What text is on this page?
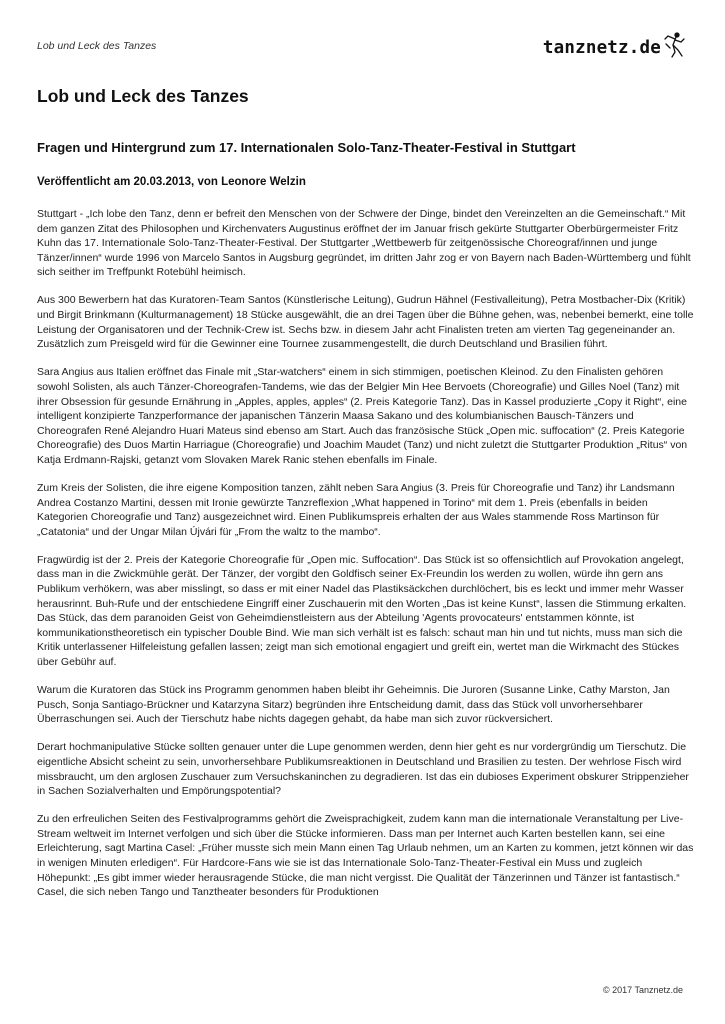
Lob und Leck des Tanzes	tanznetz.de
Lob und Leck des Tanzes
Fragen und Hintergrund zum 17. Internationalen Solo-Tanz-Theater-Festival in Stuttgart

Veröffentlicht am 20.03.2013, von Leonore Welzin

Stuttgart - „Ich lobe den Tanz, denn er befreit den Menschen von der Schwere der Dinge, bindet den Vereinzelten an die Gemeinschaft.“ Mit dem ganzen Zitat des Philosophen und Kirchenvaters Augustinus eröffnet der im Januar frisch gekürte Stuttgarter Oberbürgermeister Fritz Kuhn das 17. Internationale Solo-Tanz-Theater-Festival. Der Stuttgarter „Wettbewerb für zeitgenössische Choreograf/innen und junge Tänzer/innen“ wurde 1996 von Marcelo Santos in Augsburg gegründet, im dritten Jahr zog er von Bayern nach Baden-Württemberg und fühlt sich seither im Treffpunkt Rotebühl heimisch.

Aus 300 Bewerbern hat das Kuratoren-Team Santos (Künstlerische Leitung), Gudrun Hähnel (Festivalleitung), Petra Mostbacher-Dix (Kritik) und Birgit Brinkmann (Kulturmanagement) 18 Stücke ausgewählt, die an drei Tagen über die Bühne gehen, was, nebenbei bemerkt, eine tolle Leistung der Organisatoren und der Technik-Crew ist. Sechs bzw. in diesem Jahr acht Finalisten treten am vierten Tag gegeneinander an. Zusätzlich zum Preisgeld wird für die Gewinner eine Tournee zusammengestellt, die durch Deutschland und Brasilien führt.

Sara Angius aus Italien eröffnet das Finale mit „Star-watchers“ einem in sich stimmigen, poetischen Kleinod. Zu den Finalisten gehören sowohl Solisten, als auch Tänzer-Choreografen-Tandems, wie das der Belgier Min Hee Bervoets (Choreografie) und Gilles Noel (Tanz) mit ihrer Obsession für gesunde Ernährung in „Apples, apples, apples“ (2. Preis Kategorie Tanz). Das in Kassel produzierte „Copy it Right“, eine intelligent konzipierte Tanzperformance der japanischen Tänzerin Maasa Sakano und des kolumbianischen Bausch-Tänzers und Choreografen René Alejandro Huari Mateus sind ebenso am Start. Auch das französische Stück „Open mic. suffocation“ (2. Preis Kategorie Choreografie) des Duos Martin Harriague (Choreografie) und Joachim Maudet (Tanz) und nicht zuletzt die Stuttgarter Produktion „Ritus“ von Katja Erdmann-Rajski, getanzt vom Slovaken Marek Ranic stehen ebenfalls im Finale.

Zum Kreis der Solisten, die ihre eigene Komposition tanzen, zählt neben Sara Angius (3. Preis für Choreografie und Tanz) ihr Landsmann Andrea Costanzo Martini, dessen mit Ironie gewürzte Tanzreflexion „What happened in Torino“ mit dem 1. Preis (ebenfalls in beiden Kategorien Choreografie und Tanz) ausgezeichnet wird. Einen Publikumspreis erhalten der aus Wales stammende Ross Martinson für „Catatonia“ und der Ungar Milan Újvári für „From the waltz to the mambo“.

Fragwürdig ist der 2. Preis der Kategorie Choreografie für „Open mic. Suffocation“. Das Stück ist so offensichtlich auf Provokation angelegt, dass man in die Zwickmühle gerät. Der Tänzer, der vorgibt den Goldfisch seiner Ex-Freundin los werden zu wollen, würde ihn gern ans Publikum verhökern, was aber misslingt, so dass er mit einer Nadel das Plastiksäckchen durchlöchert, bis es leckt und immer mehr Wasser herausrinnt. Buh-Rufe und der entschiedene Eingriff einer Zuschauerin mit den Worten „Das ist keine Kunst“, lassen die Stimmung erkalten. Das Stück, das dem paranoiden Geist von Geheimdienstleistern aus der Abteilung 'Agents provocateurs' entstammen könnte, ist kommunikationstheoretisch ein typischer Double Bind. Wie man sich verhält ist es falsch: schaut man hin und tut nichts, muss man sich die Kritik unterlassener Hilfeleistung gefallen lassen; zeigt man sich emotional engagiert und greift ein, wertet man die Wirkmacht des Stückes über Gebühr auf.

Warum die Kuratoren das Stück ins Programm genommen haben bleibt ihr Geheimnis. Die Juroren (Susanne Linke, Cathy Marston, Jan Pusch, Sonja Santiago-Brückner und Katarzyna Sitarz) begründen ihre Entscheidung damit, dass das Stück voll unvorhersehbarer Überraschungen sei. Auch der Tierschutz habe nichts dagegen gehabt, da habe man sich zuvor rückversichert.

Derart hochmanipulative Stücke sollten genauer unter die Lupe genommen werden, denn hier geht es nur vordergründig um Tierschutz. Die eigentliche Absicht scheint zu sein, unvorhersehbare Publikumsreaktionen in Deutschland und Brasilien zu testen. Der wehrlose Fisch wird missbraucht, um den arglosen Zuschauer zum Versuchskaninchen zu degradieren. Ist das ein dubioses Experiment obskurer Strippenzieher in Sachen Sozialverhalten und Empörungspotential?

Zu den erfreulichen Seiten des Festivalprogramms gehört die Zweisprachigkeit, zudem kann man die internationale Veranstaltung per Live-Stream weltweit im Internet verfolgen und sich über die Stücke informieren. Dass man per Internet auch Karten bestellen kann, sei eine Erleichterung, sagt Martina Casel: „Früher musste sich mein Mann einen Tag Urlaub nehmen, um an Karten zu kommen, jetzt können wir das in wenigen Minuten erledigen“. Für Hardcore-Fans wie sie ist das Internationale Solo-Tanz-Theater-Festival ein Muss und zugleich Höhepunkt: „Es gibt immer wieder herausragende Stücke, die man nicht vergisst. Die Qualität der Tänzerinnen und Tänzer ist fantastisch.“ Casel, die sich neben Tango und Tanztheater besonders für Produktionen

© 2017 Tanznetz.de
